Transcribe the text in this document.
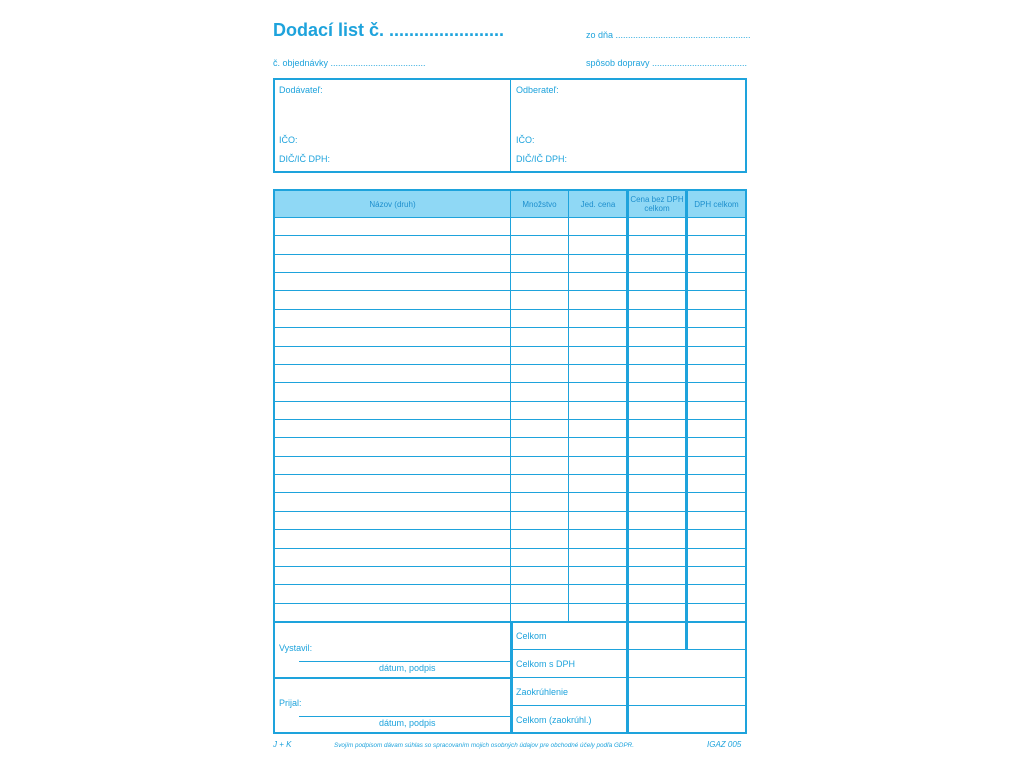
Dodací list č. .......................	zo dňa ......................................................
č. objednávky ......................................	spôsob dopravy ......................................
Dodávateľ:
IČO:
DIČ/IČ DPH:
Odberateľ:
IČO:
DIČ/IČ DPH:
Názov (druh)	Množstvo	Jed. cena	Cena bez DPH celkom	DPH celkom
Vystavil:
dátum, podpis
Prijal:
dátum, podpis
Celkom
Celkom s DPH
Zaokrúhlenie
Celkom (zaokrúhl.)
J + K	Svojím podpisom dávam súhlas so spracovaním mojich osobných údajov pre obchodné účely podľa GDPR.	IGAZ 005
